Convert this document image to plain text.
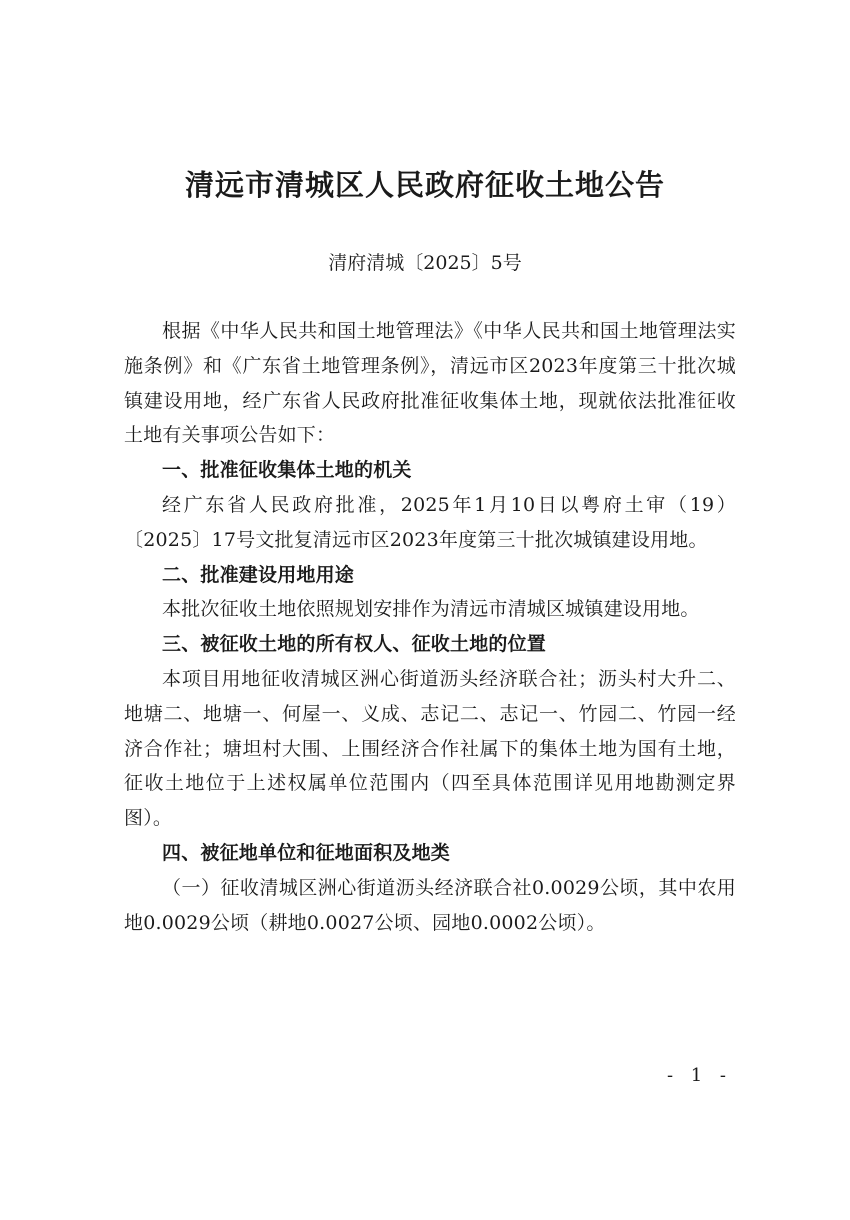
清远市清城区人民政府征收土地公告
清府清城〔2025〕5号

根据《中华人民共和国土地管理法》《中华人民共和国土地管理法实施条例》和《广东省土地管理条例》，清远市区2023年度第三十批次城镇建设用地，经广东省人民政府批准征收集体土地，现就依法批准征收土地有关事项公告如下：

一、批准征收集体土地的机关

经广东省人民政府批准，2025年1月10日以粤府土审（19）〔2025〕17号文批复清远市区2023年度第三十批次城镇建设用地。

二、批准建设用地用途

本批次征收土地依照规划安排作为清远市清城区城镇建设用地。

三、被征收土地的所有权人、征收土地的位置

本项目用地征收清城区洲心街道沥头经济联合社；沥头村大升二、地塘二、地塘一、何屋一、义成、志记二、志记一、竹园二、竹园一经济合作社；塘坦村大围、上围经济合作社属下的集体土地为国有土地，征收土地位于上述权属单位范围内（四至具体范围详见用地勘测定界图）。

四、被征地单位和征地面积及地类

（一）征收清城区洲心街道沥头经济联合社0.0029公顷，其中农用地0.0029公顷（耕地0.0027公顷、园地0.0002公顷）。

- 1 -
